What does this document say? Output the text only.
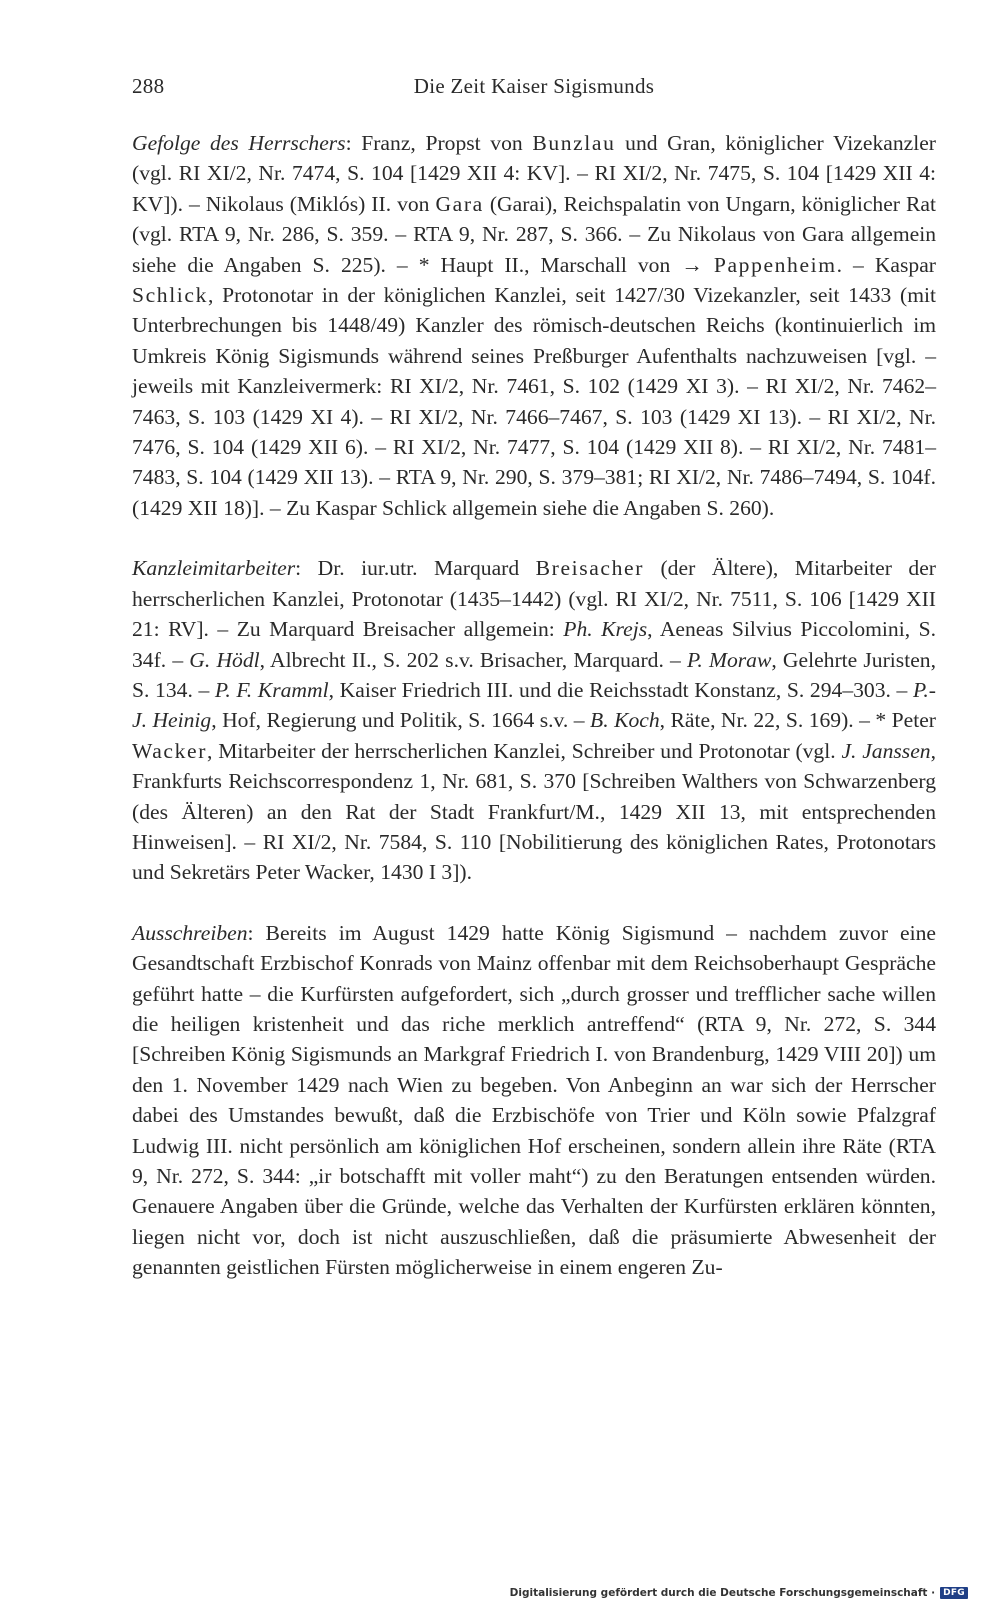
288	Die Zeit Kaiser Sigismunds

Gefolge des Herrschers: Franz, Propst von Bunzlau und Gran, königlicher Vizekanzler (vgl. RI XI/2, Nr. 7474, S. 104 [1429 XII 4: KV]. – RI XI/2, Nr. 7475, S. 104 [1429 XII 4: KV]). – Nikolaus (Miklós) II. von Gara (Garai), Reichspalatin von Ungarn, königlicher Rat (vgl. RTA 9, Nr. 286, S. 359. – RTA 9, Nr. 287, S. 366. – Zu Nikolaus von Gara allgemein siehe die Angaben S. 225). – * Haupt II., Marschall von → Pappenheim. – Kaspar Schlick, Protonotar in der königlichen Kanzlei, seit 1427/30 Vizekanzler, seit 1433 (mit Unterbrechungen bis 1448/49) Kanzler des römisch-deutschen Reichs (kontinuierlich im Umkreis König Sigismunds während seines Preßburger Aufenthalts nachzuweisen [vgl. – jeweils mit Kanzleivermerk: RI XI/2, Nr. 7461, S. 102 (1429 XI 3). – RI XI/2, Nr. 7462–7463, S. 103 (1429 XI 4). – RI XI/2, Nr. 7466–7467, S. 103 (1429 XI 13). – RI XI/2, Nr. 7476, S. 104 (1429 XII 6). – RI XI/2, Nr. 7477, S. 104 (1429 XII 8). – RI XI/2, Nr. 7481–7483, S. 104 (1429 XII 13). – RTA 9, Nr. 290, S. 379–381; RI XI/2, Nr. 7486–7494, S. 104f. (1429 XII 18)]. – Zu Kaspar Schlick allgemein siehe die Angaben S. 260).

Kanzleimitarbeiter: Dr. iur.utr. Marquard Breisacher (der Ältere), Mitarbeiter der herrscherlichen Kanzlei, Protonotar (1435–1442) (vgl. RI XI/2, Nr. 7511, S. 106 [1429 XII 21: RV]. – Zu Marquard Breisacher allgemein: Ph. Krejs, Aeneas Silvius Piccolomini, S. 34f. – G. Hödl, Albrecht II., S. 202 s.v. Brisacher, Marquard. – P. Moraw, Gelehrte Juristen, S. 134. – P. F. Kramml, Kaiser Friedrich III. und die Reichsstadt Konstanz, S. 294–303. – P.-J. Heinig, Hof, Regierung und Politik, S. 1664 s.v. – B. Koch, Räte, Nr. 22, S. 169). – * Peter Wacker, Mitarbeiter der herrscherlichen Kanzlei, Schreiber und Protonotar (vgl. J. Janssen, Frankfurts Reichscorrespondenz 1, Nr. 681, S. 370 [Schreiben Walthers von Schwarzenberg (des Älteren) an den Rat der Stadt Frankfurt/M., 1429 XII 13, mit entsprechenden Hinweisen]. – RI XI/2, Nr. 7584, S. 110 [Nobilitierung des königlichen Rates, Protonotars und Sekretärs Peter Wacker, 1430 I 3]).

Ausschreiben: Bereits im August 1429 hatte König Sigismund – nachdem zuvor eine Gesandtschaft Erzbischof Konrads von Mainz offenbar mit dem Reichsoberhaupt Gespräche geführt hatte – die Kurfürsten aufgefordert, sich „durch grosser und trefflicher sache willen die heiligen kristenheit und das riche merklich antreffend“ (RTA 9, Nr. 272, S. 344 [Schreiben König Sigismunds an Markgraf Friedrich I. von Brandenburg, 1429 VIII 20]) um den 1. November 1429 nach Wien zu begeben. Von Anbeginn an war sich der Herrscher dabei des Umstandes bewußt, daß die Erzbischöfe von Trier und Köln sowie Pfalzgraf Ludwig III. nicht persönlich am königlichen Hof erscheinen, sondern allein ihre Räte (RTA 9, Nr. 272, S. 344: „ir botschafft mit voller maht“) zu den Beratungen entsenden würden. Genauere Angaben über die Gründe, welche das Verhalten der Kurfürsten erklären könnten, liegen nicht vor, doch ist nicht auszuschließen, daß die präsumierte Abwesenheit der genannten geistlichen Fürsten möglicherweise in einem engeren Zu-

Digitalisierung gefördert durch die Deutsche Forschungsgemeinschaft · DFG
